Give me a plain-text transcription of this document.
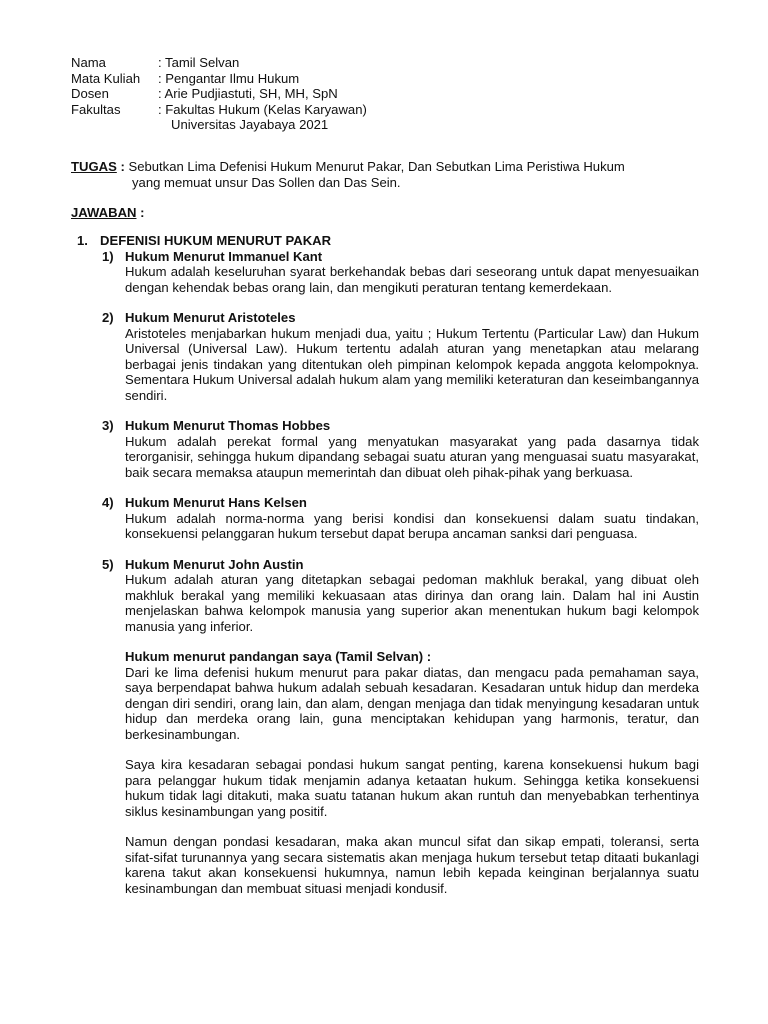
Nama	: Tamil Selvan
Mata Kuliah	: Pengantar Ilmu Hukum
Dosen	: Arie Pudjiastuti, SH, MH, SpN
Fakultas	: Fakultas Hukum (Kelas Karyawan)
Universitas Jayabaya 2021
TUGAS : Sebutkan Lima Defenisi Hukum Menurut Pakar, Dan Sebutkan Lima Peristiwa Hukum
yang memuat unsur Das Sollen dan Das Sein.
JAWABAN :
1. DEFENISI HUKUM MENURUT PAKAR
1) Hukum Menurut Immanuel Kant
Hukum adalah keseluruhan syarat berkehandak bebas dari seseorang untuk dapat menyesuaikan dengan kehendak bebas orang lain, dan mengikuti peraturan tentang kemerdekaan.
2) Hukum Menurut Aristoteles
Aristoteles menjabarkan hukum menjadi dua, yaitu ; Hukum Tertentu (Particular Law) dan Hukum Universal (Universal Law). Hukum tertentu adalah aturan yang menetapkan atau melarang berbagai jenis tindakan yang ditentukan oleh pimpinan kelompok kepada anggota kelompoknya. Sementara Hukum Universal adalah hukum alam yang memiliki keteraturan dan keseimbangannya sendiri.
3) Hukum Menurut Thomas Hobbes
Hukum adalah perekat formal yang menyatukan masyarakat yang pada dasarnya tidak terorganisir, sehingga hukum dipandang sebagai suatu aturan yang menguasai suatu masyarakat, baik secara memaksa ataupun memerintah dan dibuat oleh pihak-pihak yang berkuasa.
4) Hukum Menurut Hans Kelsen
Hukum adalah norma-norma yang berisi kondisi dan konsekuensi dalam suatu tindakan, konsekuensi pelanggaran hukum tersebut dapat berupa ancaman sanksi dari penguasa.
5) Hukum Menurut John Austin
Hukum adalah aturan yang ditetapkan sebagai pedoman makhluk berakal, yang dibuat oleh makhluk berakal yang memiliki kekuasaan atas dirinya dan orang lain. Dalam hal ini Austin menjelaskan bahwa kelompok manusia yang superior akan menentukan hukum bagi kelompok manusia yang inferior.
Hukum menurut pandangan saya (Tamil Selvan) :
Dari ke lima defenisi hukum menurut para pakar diatas, dan mengacu pada pemahaman saya, saya berpendapat bahwa hukum adalah sebuah kesadaran. Kesadaran untuk hidup dan merdeka dengan diri sendiri, orang lain, dan alam, dengan menjaga dan tidak menyingung kesadaran untuk hidup dan merdeka orang lain, guna menciptakan kehidupan yang harmonis, teratur, dan berkesinambungan.
Saya kira kesadaran sebagai pondasi hukum sangat penting, karena konsekuensi hukum bagi para pelanggar hukum tidak menjamin adanya ketaatan hukum. Sehingga ketika konsekuensi hukum tidak lagi ditakuti, maka suatu tatanan hukum akan runtuh dan menyebabkan terhentinya siklus kesinambungan yang positif.
Namun dengan pondasi kesadaran, maka akan muncul sifat dan sikap empati, toleransi, serta sifat-sifat turunannya yang secara sistematis akan menjaga hukum tersebut tetap ditaati bukanlagi karena takut akan konsekuensi hukumnya, namun lebih kepada keinginan berjalannya suatu kesinambungan dan membuat situasi menjadi kondusif.
